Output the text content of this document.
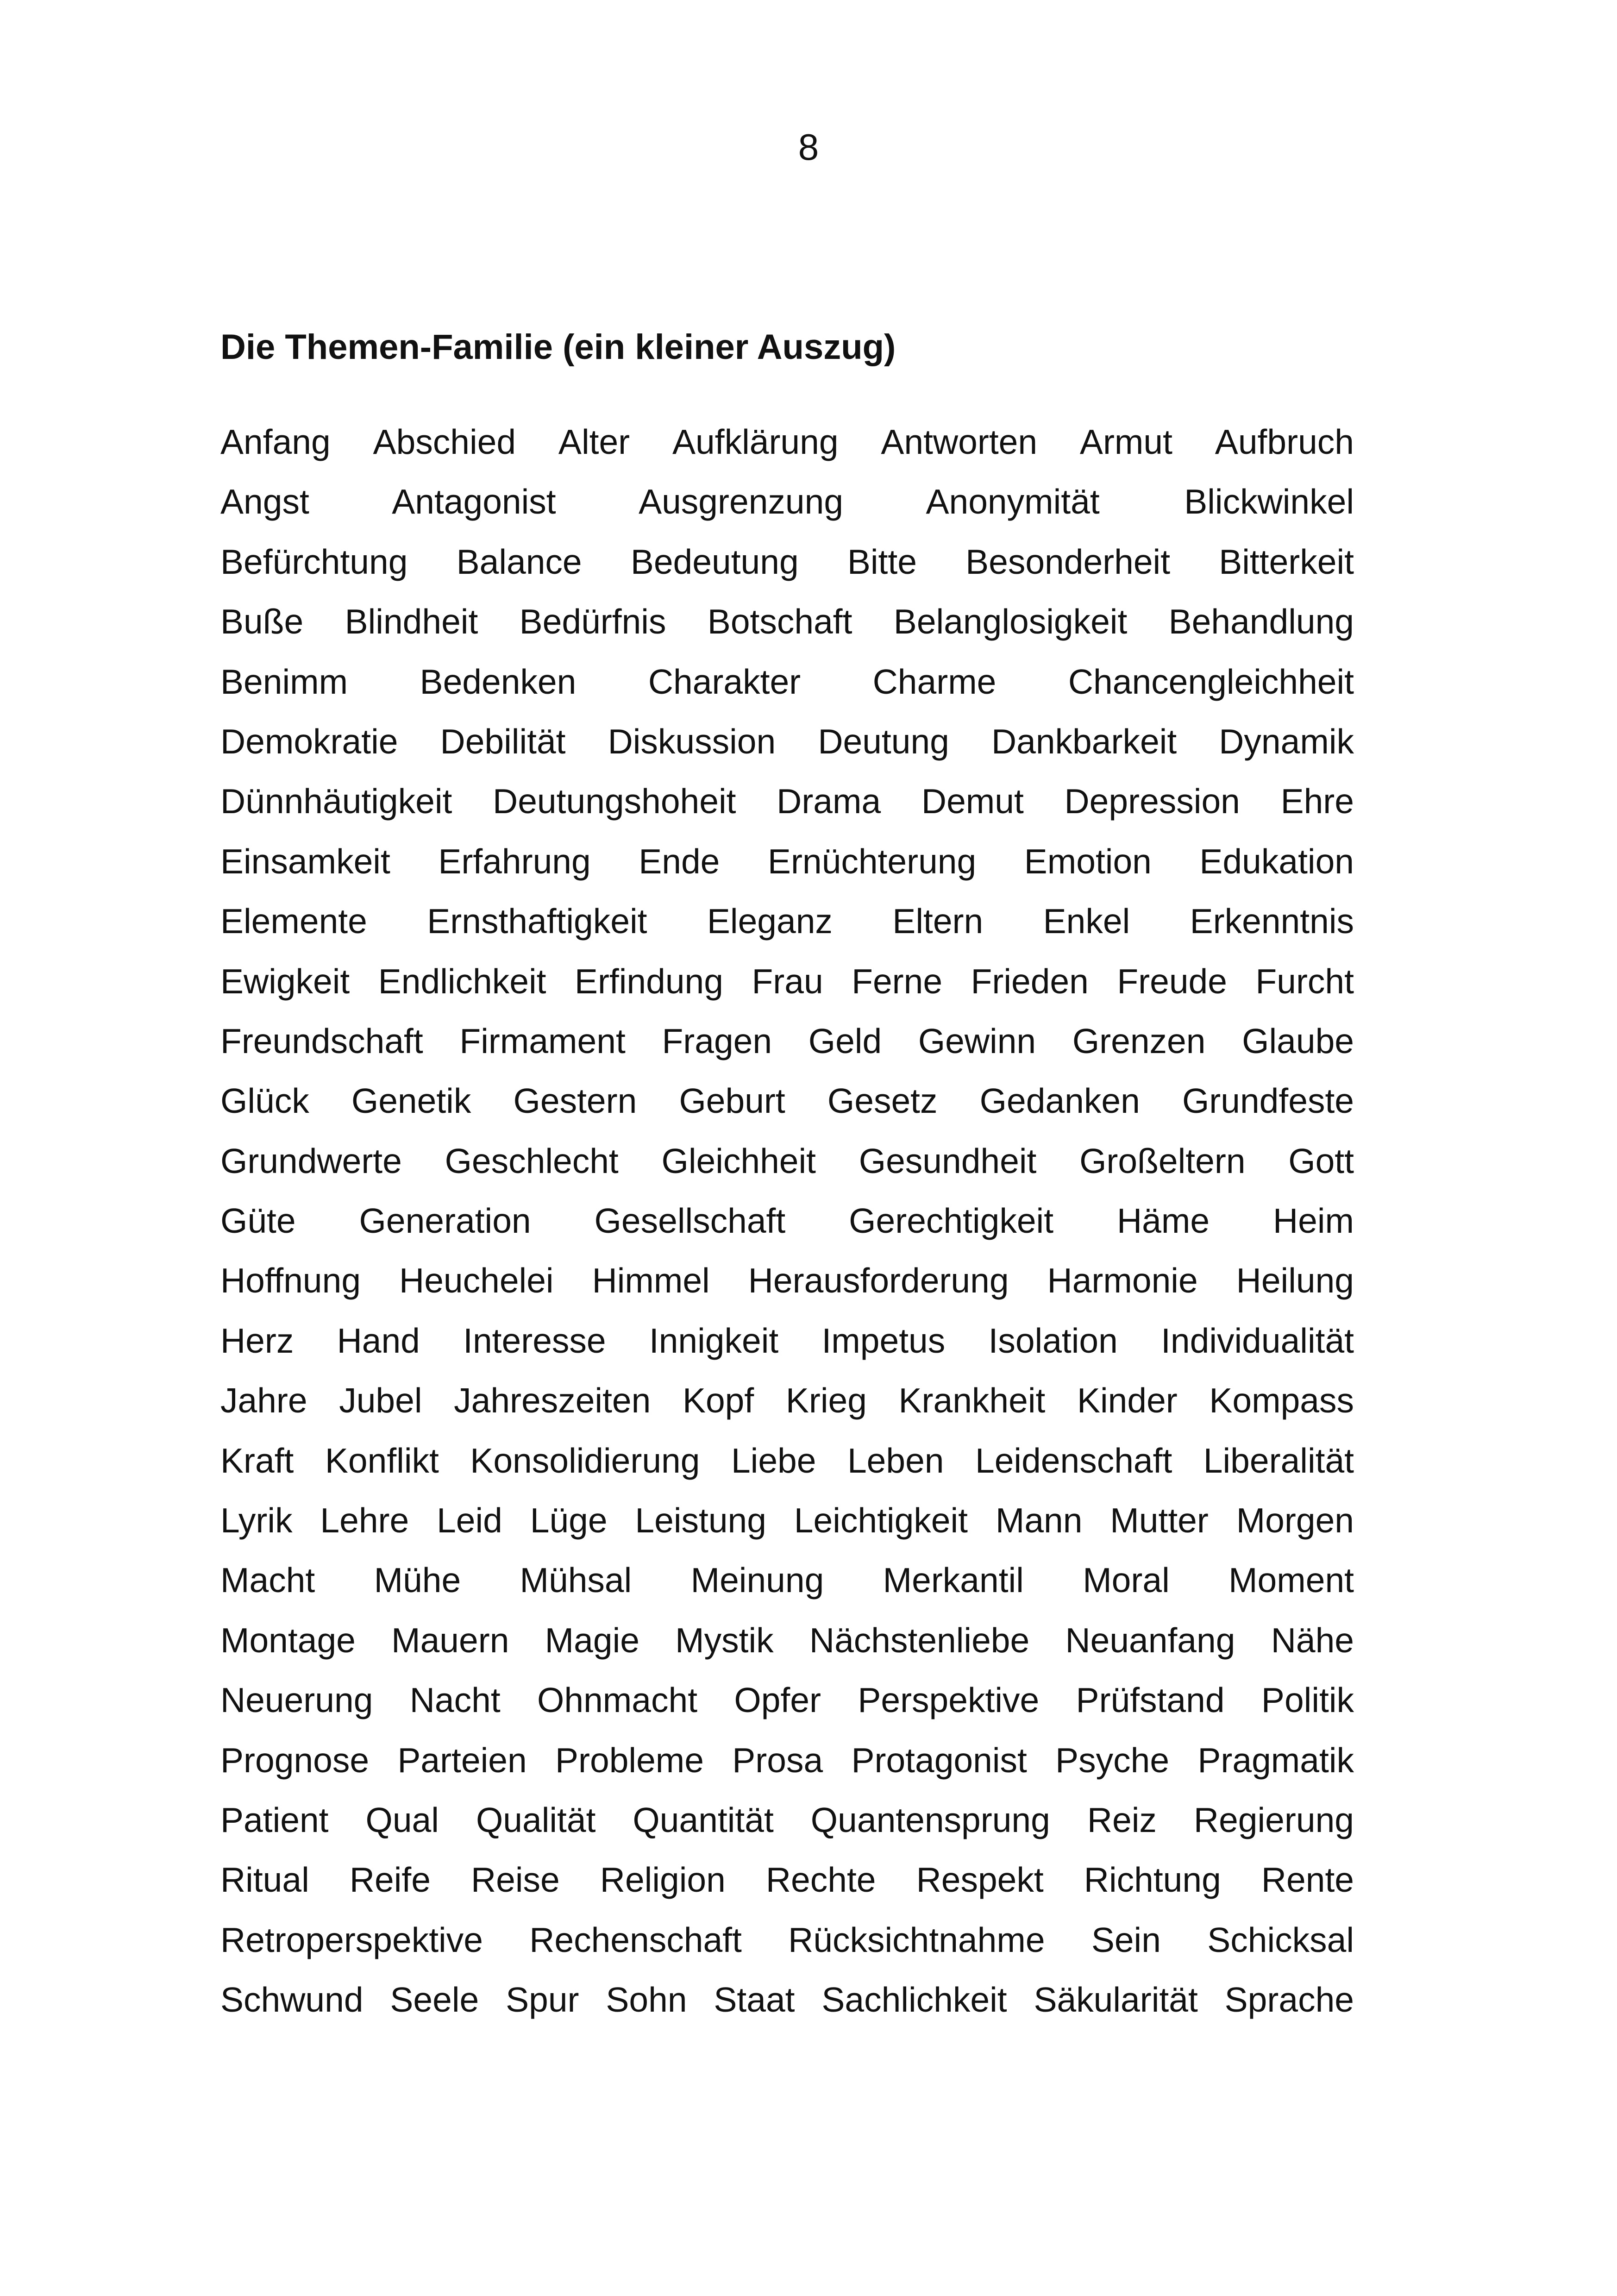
8
Die Themen-Familie (ein kleiner Auszug)
Anfang Abschied Alter Aufklärung Antworten Armut Aufbruch
Angst Antagonist Ausgrenzung Anonymität Blickwinkel
Befürchtung Balance Bedeutung Bitte Besonderheit Bitterkeit
Buße Blindheit Bedürfnis Botschaft Belanglosigkeit Behandlung
Benimm Bedenken Charakter Charme Chancengleichheit
Demokratie Debilität Diskussion Deutung Dankbarkeit Dynamik
Dünnhäutigkeit Deutungshoheit Drama Demut Depression Ehre
Einsamkeit Erfahrung Ende Ernüchterung Emotion Edukation
Elemente Ernsthaftigkeit Eleganz Eltern Enkel Erkenntnis
Ewigkeit Endlichkeit Erfindung Frau Ferne Frieden Freude Furcht
Freundschaft Firmament Fragen Geld Gewinn Grenzen Glaube
Glück Genetik Gestern Geburt Gesetz Gedanken Grundfeste
Grundwerte Geschlecht Gleichheit Gesundheit Großeltern Gott
Güte Generation Gesellschaft Gerechtigkeit Häme Heim
Hoffnung Heuchelei Himmel Herausforderung Harmonie Heilung
Herz Hand Interesse Innigkeit Impetus Isolation Individualität
Jahre Jubel Jahreszeiten Kopf Krieg Krankheit Kinder Kompass
Kraft Konflikt Konsolidierung Liebe Leben Leidenschaft Liberalität
Lyrik Lehre Leid Lüge Leistung Leichtigkeit Mann Mutter Morgen
Macht Mühe Mühsal Meinung Merkantil Moral Moment
Montage Mauern Magie Mystik Nächstenliebe Neuanfang Nähe
Neuerung Nacht Ohnmacht Opfer Perspektive Prüfstand Politik
Prognose Parteien Probleme Prosa Protagonist Psyche Pragmatik
Patient Qual Qualität Quantität Quantensprung Reiz Regierung
Ritual Reife Reise Religion Rechte Respekt Richtung Rente
Retroperspektive Rechenschaft Rücksichtnahme Sein Schicksal
Schwund Seele Spur Sohn Staat Sachlichkeit Säkularität Sprache
